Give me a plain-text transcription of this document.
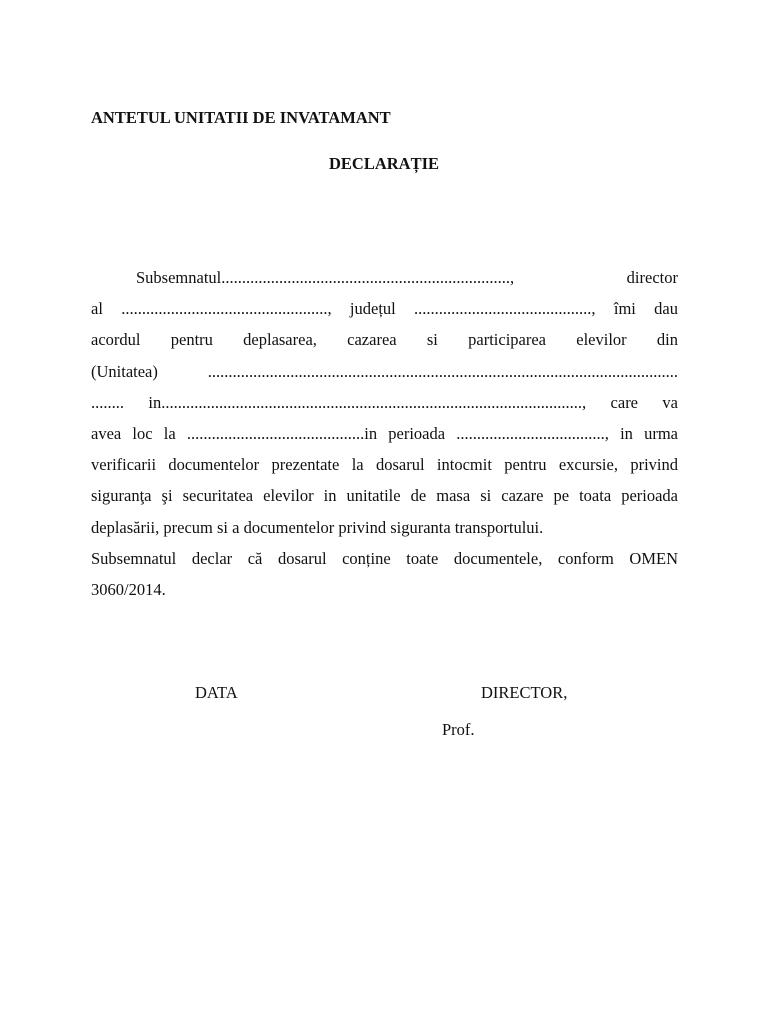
ANTETUL UNITATII DE INVATAMANT
DECLARAȚIE
Subsemnatul......................................................................, director
al .................................................., județul ..........................................., îmi dau
acordul pentru deplasarea, cazarea si participarea elevilor din
(Unitatea) ..................................................................................................................
........ in......................................................................................................, care va
avea loc la ...........................................in perioada ...................................., in urma
verificarii documentelor prezentate la dosarul intocmit pentru excursie, privind
siguranţa şi securitatea elevilor in unitatile de masa si cazare pe toata perioada
deplasării, precum si a documentelor privind siguranta transportului.
Subsemnatul declar că dosarul conține toate documentele, conform OMEN
3060/2014.
DATA	DIRECTOR,
Prof.
